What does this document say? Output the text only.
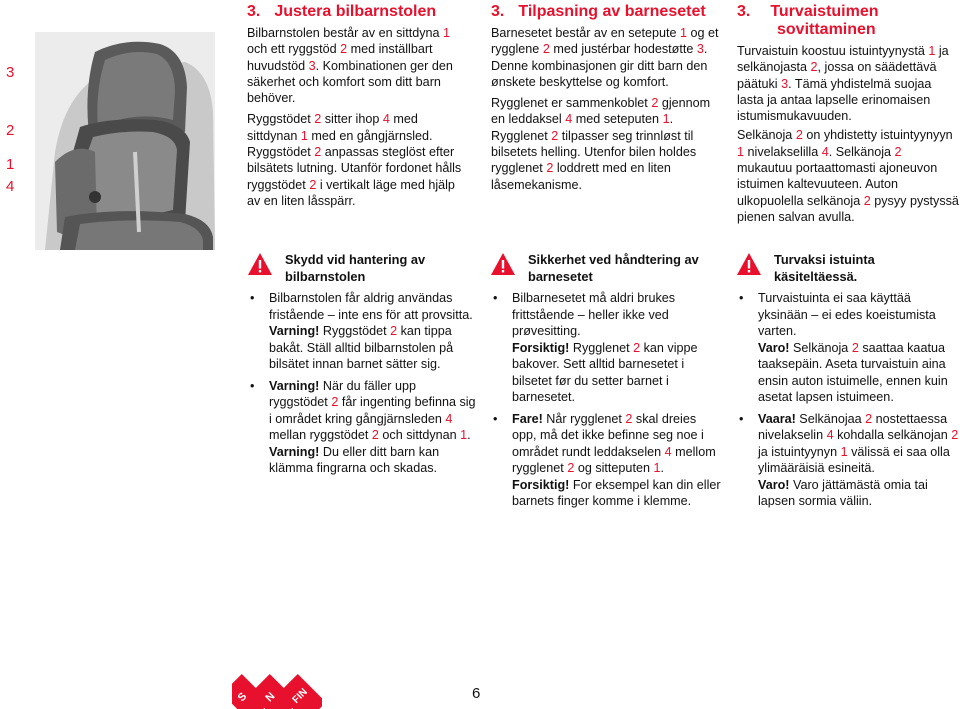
3
2
1
4
3. Justera bilbarnstolen

Bilbarnstolen består av en sittdyna 1 och ett ryggstöd 2 med inställbart huvudstöd 3. Kombinationen ger den säkerhet och komfort som ditt barn behöver.

Ryggstödet 2 sitter ihop 4 med sittdynan 1 med en gångjärnsled. Ryggstödet 2 anpassas steglöst efter bilsätets lutning. Utanför fordonet hålls ryggstödet 2 i vertikalt läge med hjälp av en liten låsspärr.

3. Tilpasning av barnesetet

Barnesetet består av en setepute 1 og et rygglene 2 med justérbar hodestøtte 3. Denne kombinasjonen gir ditt barn den ønskete beskyttelse og komfort.

Rygglenet er sammenkoblet 2 gjennom en leddaksel 4 med seteputen 1. Rygglenet 2 tilpasser seg trinnløst til bilsetets helling. Utenfor bilen holdes rygglenet 2 loddrett med en liten låsemekanisme.

3. Turvaistuimen sovittaminen

Turvaistuin koostuu istuintyynystä 1 ja selkänojasta 2, jossa on säädettävä päätuki 3. Tämä yhdistelmä suojaa lasta ja antaa lapselle erinomaisen istumismukavuuden.

Selkänoja 2 on yhdistetty istuintyynyyn 1 nivelakselilla 4. Selkänoja 2 mukautuu portaattomasti ajoneuvon istuimen kaltevuuteen. Auton ulkopuolella selkänoja 2 pysyy pystyssä pienen salvan avulla.

Skydd vid hantering av bilbarnstolen
• Bilbarnstolen får aldrig användas fristående – inte ens för att provsitta.
Varning! Ryggstödet 2 kan tippa bakåt. Ställ alltid bilbarnstolen på bilsätet innan barnet sätter sig.
• Varning! När du fäller upp ryggstödet 2 får ingenting befinna sig i området kring gångjärnsleden 4 mellan ryggstödet 2 och sittdynan 1.
Varning! Du eller ditt barn kan klämma fingrarna och skadas.
Sikkerhet ved håndtering av barnesetet
• Bilbarnesetet må aldri brukes frittstående – heller ikke ved prøvesitting.
Forsiktig! Rygglenet 2 kan vippe bakover. Sett alltid barnesetet i bilsetet før du setter barnet i barnesetet.
• Fare! Når rygglenet 2 skal dreies opp, må det ikke befinne seg noe i området rundt leddakselen 4 mellom rygglenet 2 og sitteputen 1.
Forsiktig! For eksempel kan din eller barnets finger komme i klemme.
Turvaksi istuinta käsiteltäessä.
• Turvaistuinta ei saa käyttää yksinään – ei edes koeistumista varten.
Varo! Selkänoja 2 saattaa kaatua taaksepäin. Aseta turvaistuin aina ensin auton istuimelle, ennen kuin asetat lapsen istuimeen.
• Vaara! Selkänojaa 2 nostettaessa nivelakselin 4 kohdalla selkänojan 2 ja istuintyynyn 1 välissä ei saa olla ylimääräisiä esineitä.
Varo! Varo jättämästä omia tai lapsen sormia väliin.
S N FIN	6
